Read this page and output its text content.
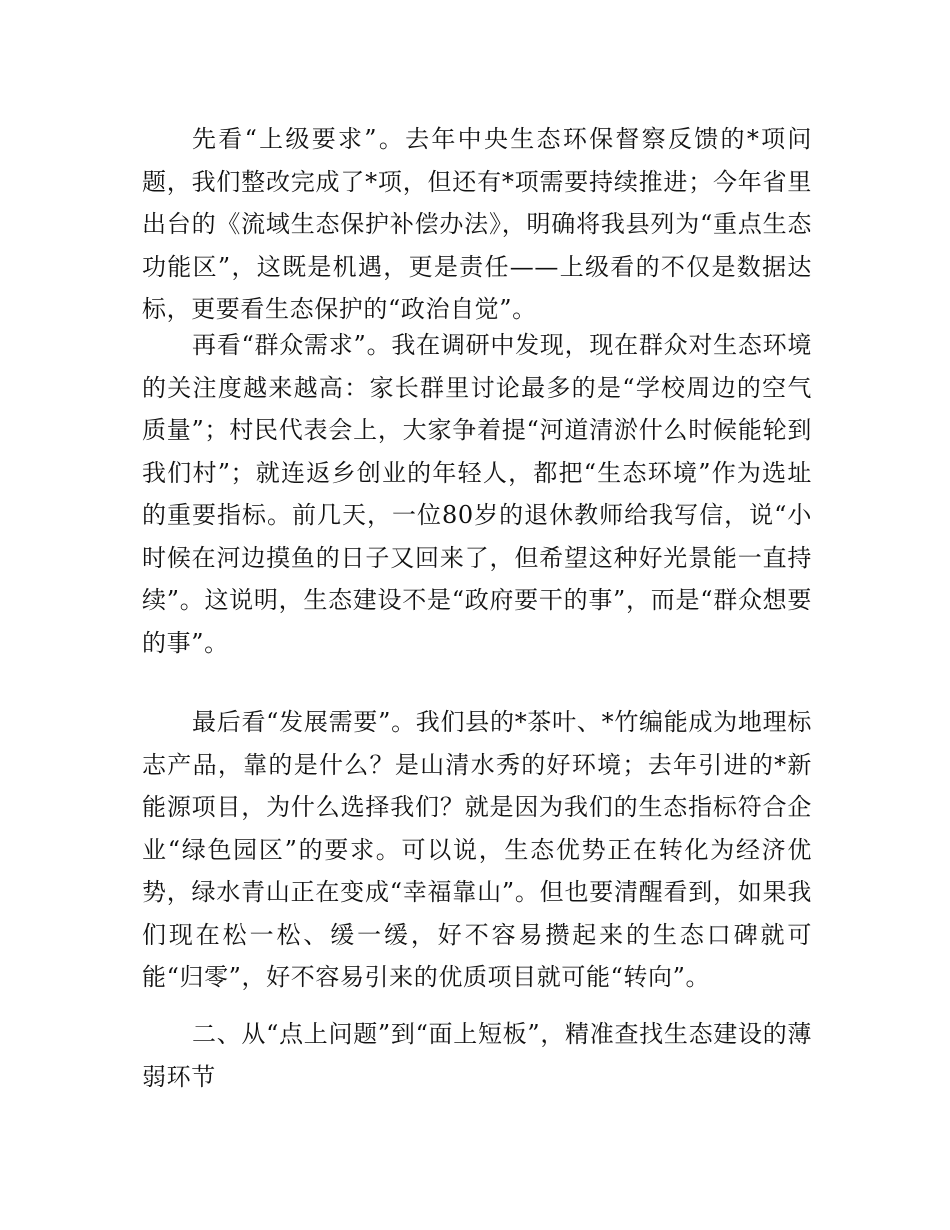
先看“上级要求”。去年中央生态环保督察反馈的*项问题，我们整改完成了*项，但还有*项需要持续推进；今年省里出台的《流域生态保护补偿办法》，明确将我县列为“重点生态功能区”，这既是机遇，更是责任——上级看的不仅是数据达标，更要看生态保护的“政治自觉”。

再看“群众需求”。我在调研中发现，现在群众对生态环境的关注度越来越高：家长群里讨论最多的是“学校周边的空气质量”；村民代表会上，大家争着提“河道清淤什么时候能轮到我们村”；就连返乡创业的年轻人，都把“生态环境”作为选址的重要指标。前几天，一位80岁的退休教师给我写信，说“小时候在河边摸鱼的日子又回来了，但希望这种好光景能一直持续”。这说明，生态建设不是“政府要干的事”，而是“群众想要的事”。

最后看“发展需要”。我们县的*茶叶、*竹编能成为地理标志产品，靠的是什么？是山清水秀的好环境；去年引进的*新能源项目，为什么选择我们？就是因为我们的生态指标符合企业“绿色园区”的要求。可以说，生态优势正在转化为经济优势，绿水青山正在变成“幸福靠山”。但也要清醒看到，如果我们现在松一松、缓一缓，好不容易攒起来的生态口碑就可能“归零”，好不容易引来的优质项目就可能“转向”。

二、从“点上问题”到“面上短板”，精准查找生态建设的薄弱环节
